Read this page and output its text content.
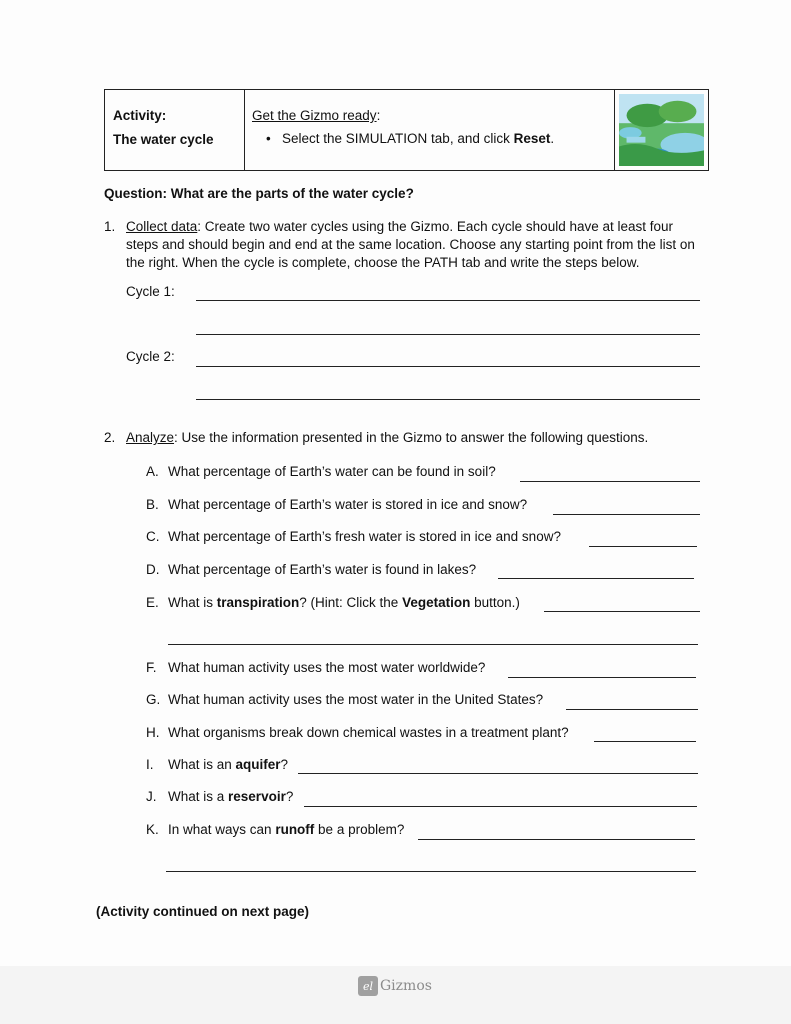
Activity:
The water cycle
Get the Gizmo ready:
• Select the SIMULATION tab, and click Reset.
Question: What are the parts of the water cycle?
1. Collect data: Create two water cycles using the Gizmo. Each cycle should have at least four steps and should begin and end at the same location. Choose any starting point from the list on the right. When the cycle is complete, choose the PATH tab and write the steps below.
Cycle 1:
Cycle 2:
2. Analyze: Use the information presented in the Gizmo to answer the following questions.
A. What percentage of Earth’s water can be found in soil?
B. What percentage of Earth’s water is stored in ice and snow?
C. What percentage of Earth’s fresh water is stored in ice and snow?
D. What percentage of Earth’s water is found in lakes?
E. What is transpiration? (Hint: Click the Vegetation button.)
F. What human activity uses the most water worldwide?
G. What human activity uses the most water in the United States?
H. What organisms break down chemical wastes in a treatment plant?
I. What is an aquifer?
J. What is a reservoir?
K. In what ways can runoff be a problem?
(Activity continued on next page)
el Gizmos
